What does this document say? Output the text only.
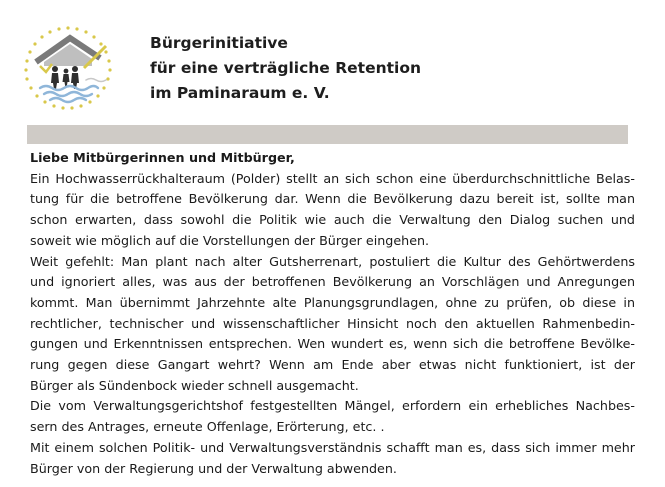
Bürgerinitiative
für eine verträgliche Retention
im Paminaraum e. V.

Liebe Mitbürgerinnen und Mitbürger,

Ein Hochwasserrückhalteraum (Polder) stellt an sich schon eine überdurchschnittliche Belas-
tung für die betroffene Bevölkerung dar. Wenn die Bevölkerung dazu bereit ist, sollte man
schon erwarten, dass sowohl die Politik wie auch die Verwaltung den Dialog suchen und
soweit wie möglich auf die Vorstellungen der Bürger eingehen.

Weit gefehlt: Man plant nach alter Gutsherrenart, postuliert die Kultur des Gehörtwerdens
und ignoriert alles, was aus der betroffenen Bevölkerung an Vorschlägen und Anregungen
kommt. Man übernimmt Jahrzehnte alte Planungsgrundlagen, ohne zu prüfen, ob diese in
rechtlicher, technischer und wissenschaftlicher Hinsicht noch den aktuellen Rahmenbedin-
gungen und Erkenntnissen entsprechen. Wen wundert es, wenn sich die betroffene Bevölke-
rung gegen diese Gangart wehrt? Wenn am Ende aber etwas nicht funktioniert, ist der
Bürger als Sündenbock wieder schnell ausgemacht.

Die vom Verwaltungsgerichtshof festgestellten Mängel, erfordern ein erhebliches Nachbes-
sern des Antrages, erneute Offenlage, Erörterung, etc. .

Mit einem solchen Politik- und Verwaltungsverständnis schafft man es, dass sich immer mehr
Bürger von der Regierung und der Verwaltung abwenden.
